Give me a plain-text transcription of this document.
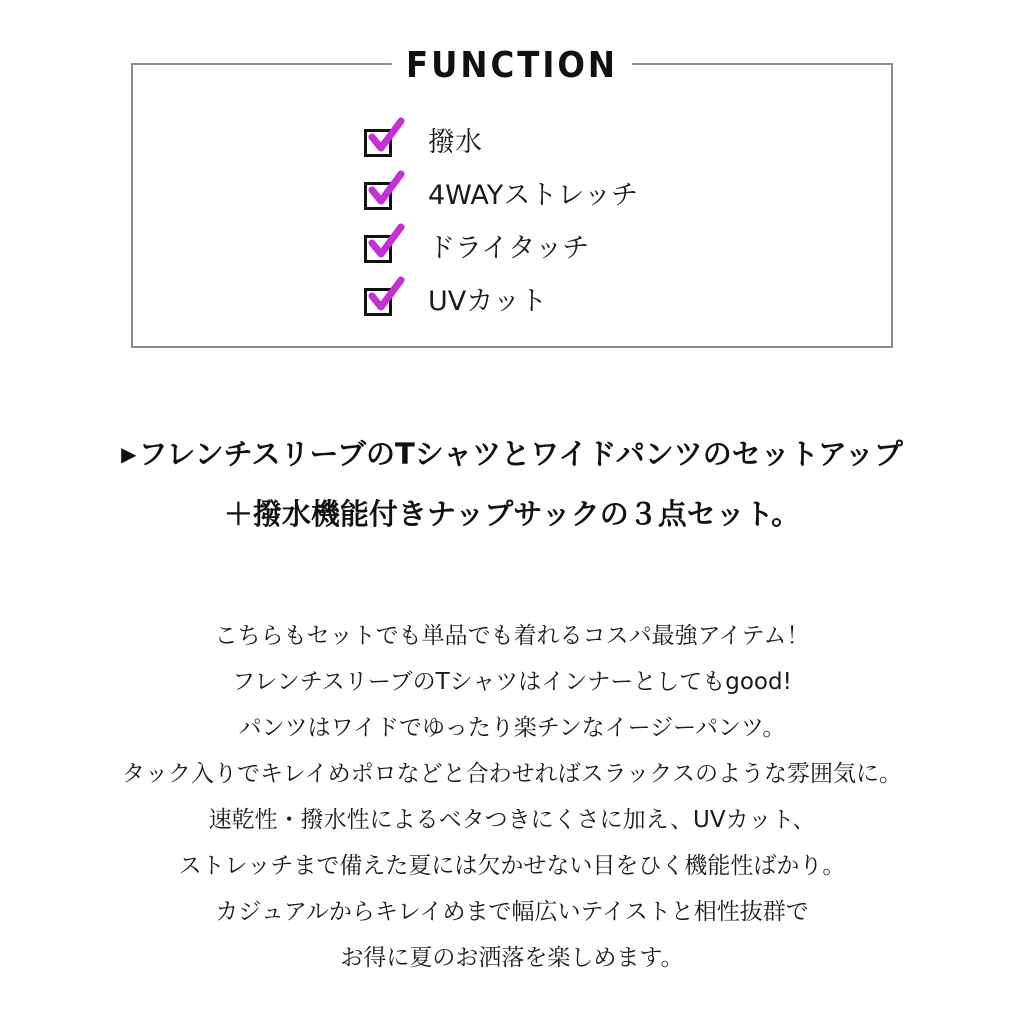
FUNCTION
撥水
4WAYストレッチ
ドライタッチ
UVカット
▶フレンチスリーブのTシャツとワイドパンツのセットアップ
＋撥水機能付きナップサックの３点セット。
こちらもセットでも単品でも着れるコスパ最強アイテム！
フレンチスリーブのTシャツはインナーとしてもgood!
パンツはワイドでゆったり楽チンなイージーパンツ。
タック入りでキレイめポロなどと合わせればスラックスのような雰囲気に。
速乾性・撥水性によるベタつきにくさに加え、UVカット、
ストレッチまで備えた夏には欠かせない目をひく機能性ばかり。
カジュアルからキレイめまで幅広いテイストと相性抜群で
お得に夏のお洒落を楽しめます。
